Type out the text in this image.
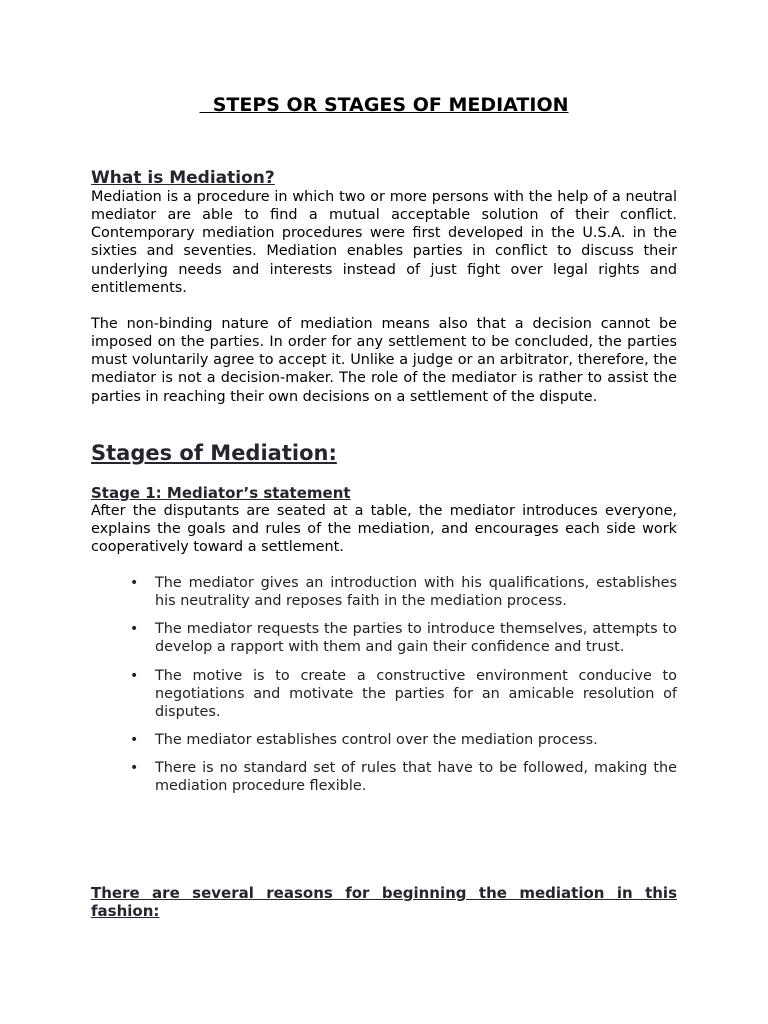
STEPS OR STAGES OF MEDIATION
What is Mediation?

Mediation is a procedure in which two or more persons with the help of a neutral mediator are able to find a mutual acceptable solution of their conflict. Contemporary mediation procedures were first developed in the U.S.A. in the sixties and seventies. Mediation enables parties in conflict to discuss their underlying needs and interests instead of just fight over legal rights and entitlements.

The non-binding nature of mediation means also that a decision cannot be imposed on the parties. In order for any settlement to be concluded, the parties must voluntarily agree to accept it. Unlike a judge or an arbitrator, therefore, the mediator is not a decision-maker. The role of the mediator is rather to assist the parties in reaching their own decisions on a settlement of the dispute.

Stages of Mediation:
Stage 1: Mediator’s statement

After the disputants are seated at a table, the mediator introduces everyone, explains the goals and rules of the mediation, and encourages each side work cooperatively toward a settlement.

• The mediator gives an introduction with his qualifications, establishes his neutrality and reposes faith in the mediation process.
• The mediator requests the parties to introduce themselves, attempts to develop a rapport with them and gain their confidence and trust.
• The motive is to create a constructive environment conducive to negotiations and motivate the parties for an amicable resolution of disputes.
• The mediator establishes control over the mediation process.
• There is no standard set of rules that have to be followed, making the mediation procedure flexible.
There are several reasons for beginning the mediation in this fashion:
